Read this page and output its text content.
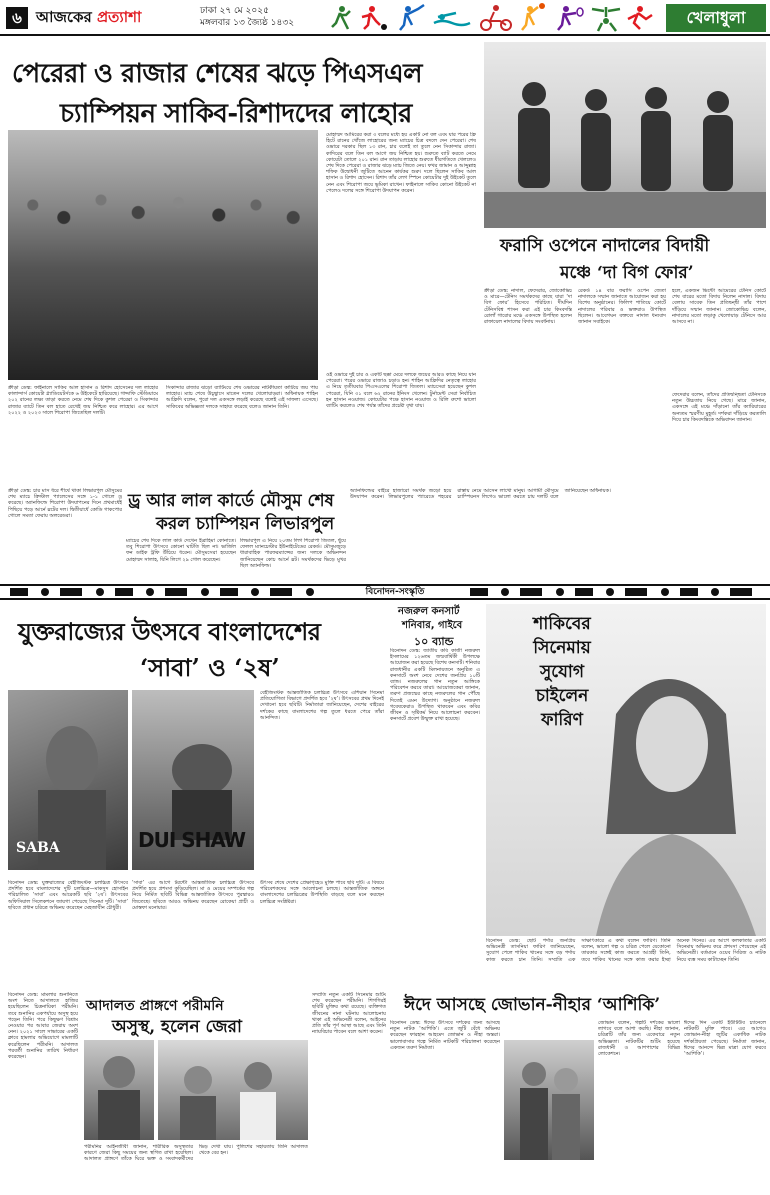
৬ আজকের প্রত্যাশা	ঢাকা ২৭ মে ২০২৫
মঙ্গলবার ১৩ জ্যৈষ্ঠ ১৪৩২	খেলাধুলা
পেরেরা ও রাজার শেষের ঝড়ে পিএসএল
চ্যাম্পিয়ন সাকিব-রিশাদদের লাহোর
মোহাম্মদ আমিরের করা ৩ বলের মধ্যে হয় একটি নো বল এবং যার পরের ফ্রি হিটে রানের খোঁজে লাহোরের জন্য ম্যাচের চিত্র বদলে দেন পেরেরা। শেষ ওভারে দরকার ছিল ১৩ রান, চার বলেই তা তুলে নেন সিকান্দার রাজা। কাদিরের বলে তিন বল আগে জয় নিশ্চিত হয়। শুরুতে ব্যাট করতে নেমে কোয়েটা তোলে ২০১ রান। রান তাড়ায় লাহোর শুরুতে ধীরগতিতে খেললেও শেষ দিকে পেরেরা ও রাজার ঝড়ে ম্যাচ জিতে নেয়। ফখর জামান ও আব্দুল্লাহ শফিক উদ্বোধনী জুটিতে আনেন কার্যকর শুরু। দলে ছিলেন সাকিব আল হাসান ও রিশাদ হোসেন। রিশাদ তাঁর লেগ স্পিনে কোয়েটার দুই উইকেট তুলে নেন এবং শিরোপা জয়ে ভূমিকা রাখেন। ফাইনালে সাকিব কোনো উইকেট না পেলেও দলের সঙ্গে শিরোপা উদযাপন করেন।
ওই ওভারে দুই চার ও একটি ছক্কা মেরে দলকে জয়ের আরও কাছে নিয়ে যান পেরেরা। পরের ওভারে রাজাও চড়াও হন। শাহিন আফ্রিদির নেতৃত্বে লাহোর এ নিয়ে তৃতীয়বার পিএসএলের শিরোপা জিতল। ম্যাচসেরা হয়েছেন কুশল পেরেরা, যিনি ৩১ বলে ৬২ রানের ইনিংস খেলেন। টুর্নামেন্ট সেরা নির্বাচিত হন হাসান নওয়াজ। কোয়েটার পক্ষে হাসান নওয়াজ ও রিলি রুশো ভালো ব্যাটিং করলেও শেষ পর্যন্ত তাঁদের প্রচেষ্টা বৃথা যায়।
ক্রীড়া ডেস্ক: ফাইনালে সাকিব আল হাসান ও রিশাদ হোসেনের দল লাহোর কালান্দার্স কোয়েটা গ্ল্যাডিয়েটর্সকে ৬ উইকেটে হারিয়েছে। গাদ্দাফি স্টেডিয়ামে ২০২ রানের লক্ষ্য তাড়া করতে নেমে শেষ দিকে কুশল পেরেরা ও সিকান্দার রাজার ব্যাটে তিন বল হাতে রেখেই জয় নিশ্চিত করে লাহোর। এর আগে ২০২২ ও ২০২৩ সালে শিরোপা জিতেছিল দলটি।
সিকান্দার রাজার ঝড়ো ব্যাটিংয়ে শেষ ওভারের নাটকীয়তা কাটিয়ে জয় পায় লাহোর। ম্যাচ শেষে উচ্ছ্বাসে মাতেন দলের খেলোয়াড়রা। অধিনায়ক শাহিন আফ্রিদি বলেন, পুরো দল একসঙ্গে লড়াই করেছে বলেই এই সাফল্য এসেছে। সাকিবের অভিজ্ঞতা দলকে সাহায্য করেছে বলেও জানান তিনি।
ফরাসি ওপেনে নাদালের বিদায়ী
মঞ্চে ‘দা বিগ ফোর’
ক্রীড়া ডেস্ক: নাদাল, ফেদেরার, জোকোভিচ ও মারে—টেনিস সমর্থকদের কাছে যারা ‘দা বিগ ফোর’ হিসেবে পরিচিত। দীর্ঘদিন টেনিসবিশ্ব শাসন করা এই চার কিংবদন্তি রোলাঁ গারোর মঞ্চে একসঙ্গে উপস্থিত হলেন রাফায়েল নাদালের বিদায় সংবর্ধনায়।
রেকর্ড ১৪ বার ফরাসি ওপেন জেতা নাদালকে সম্মান জানাতে আয়োজন করা হয় বিশেষ অনুষ্ঠানের। ফিলিপ শাতিয়ে কোর্টে নাদালের পরিবার ও ভক্তরাও উপস্থিত ছিলেন। আবেগঘন বক্তব্যে নাদাল ধন্যবাদ জানান সবাইকে।
হলে, একজন ভিন্টো আমেরের টেনিস কোর্টে শেষ বারের মতো বিদায় নিলেন নাদাল। বিদায় বেলায় সাবেক তিন প্রতিদ্বন্দ্বী তাঁর পাশে দাঁড়িয়ে সম্মান জানান। জোকোভিচ বলেন, নাদালের মতো লড়াকু খেলোয়াড় টেনিসে আর আসবে না।
ফেদেরার বলেন, তাঁদের প্রতিদ্বন্দ্বিতা টেনিসকে নতুন উচ্চতায় নিয়ে গেছে। মারে জানান, একসঙ্গে এই মঞ্চে দাঁড়ানো তাঁর ক্যারিয়ারের অন্যতম স্মরণীয় মুহূর্ত। দর্শকরা দাঁড়িয়ে করতালি দিয়ে চার কিংবদন্তিকে অভিবাদন জানান।
ড্র আর লাল কার্ডে মৌসুম শেষ
করল চ্যাম্পিয়ন লিভারপুল
ক্রীড়া ডেস্ক: চার মাস ধরে শীর্ষে থাকা লিভারপুল মৌসুমের শেষ ম্যাচে ক্রিস্টাল প্যালেসের সঙ্গে ১-১ গোলে ড্র করেছে। অ্যানফিল্ডে শিরোপা উদযাপনের দিনে প্রথমার্ধেই পিছিয়ে পড়ে আর্নে স্লটের দল। দ্বিতীয়ার্ধে কোডি গাকপোর গোলে সমতা ফেরায় অলরেডরা।
ম্যাচের শেষ দিকে লাল কার্ড দেখেন ইব্রাহিমা কোনাতে। তবু শিরোপা উৎসবে কোনো ঘাটতি ছিল না। ভার্জিল ফন ডাইক ট্রফি উঁচিয়ে ধরেন। মৌসুমসেরা হয়েছেন মোহাম্মদ সালাহ, যিনি লিগে ২৯ গোল করেছেন।
লিভারপুল এ নিয়ে ২০তম লিগ শিরোপা জিতল, ছুঁয়ে ফেলল ম্যানচেস্টার ইউনাইটেডের রেকর্ড। মৌসুমজুড়ে ধারাবাহিক পারফরম্যান্সের জন্য দলকে অভিনন্দন জানিয়েছেন কোচ আর্নে স্লট। সমর্থকদের ভিড়ে মুখর ছিল অ্যানফিল্ড।
অ্যানফিল্ডের বাইরে হাজারো সমর্থক জড়ো হয়ে উদযাপন করেন। লিভারপুলের প্যারেডে শহরের রাস্তায় নেমে আসেন লাখো মানুষ। আগামী মৌসুমে চ্যাম্পিয়নস লিগেও ভালো করতে চায় দলটি বলে জানিয়েছেন অধিনায়ক।
বিনোদন-সংস্কৃতি
যুক্তরাজ্যের উৎসবে বাংলাদেশের
‘সাবা’ ও ‘২ষ’
SABA	DUI SHAW
বেইজিংস্টক আন্তর্জাতিক চলচ্চিত্র উৎসবে এশিয়ান সিনেমা প্রতিযোগিতা বিভাগে প্রদর্শিত হবে ‘২ষ’। উৎসবের প্রথম দিনেই দেখানো হবে ছবিটি। নির্মাতারা জানিয়েছেন, দেশের বাইরের দর্শকের কাছে বাংলাদেশের গল্প তুলে ধরতে পেরে তাঁরা আনন্দিত।
বিনোদন ডেস্ক: যুক্তরাজ্যের বেইজিংস্টক চলচ্চিত্র উৎসবে প্রদর্শিত হবে বাংলাদেশের দুটি চলচ্চিত্র—মাকসুদ হোসাইন পরিচালিত ‘সাবা’ এবং আরেকটি ছবি ‘২ষ’। উৎসবের অফিসিয়াল সিলেকশনে জায়গা পেয়েছে সিনেমা দুটি। ‘সাবা’ ছবিতে প্রধান চরিত্রে অভিনয় করেছেন মেহজাবীন চৌধুরী।
‘সাবা’ এর আগে টরন্টো আন্তর্জাতিক চলচ্চিত্র উৎসবে প্রদর্শিত হয়ে প্রশংসা কুড়িয়েছিল। মা ও মেয়ের সম্পর্কের গল্প নিয়ে নির্মিত ছবিটি বিভিন্ন আন্তর্জাতিক উৎসবে পুরস্কারও জিতেছে। ছবিতে আরও অভিনয় করেছেন রোকেয়া প্রাচী ও মোস্তফা মনোয়ার।
উৎসব শেষে দেশের প্রেক্ষাগৃহেও মুক্তি পাবে ছবি দুটি। এ বিষয়ে পরিবেশকদের সঙ্গে আলোচনা চলছে। আন্তর্জাতিক অঙ্গনে বাংলাদেশের চলচ্চিত্রের উপস্থিতি বাড়ছে বলে মনে করছেন চলচ্চিত্র সংশ্লিষ্টরা।
নজরুল কনসার্ট
শনিবার, গাইবে
১০ ব্যান্ড
বিনোদন ডেস্ক: জাতীয় কবি কাজী নজরুল ইসলামের ১২৬তম জন্মবার্ষিকী উপলক্ষে আয়োজন করা হয়েছে বিশেষ কনসার্ট। শনিবার রাজধানীর একটি মিলনায়তনে অনুষ্ঠিত এ কনসার্টে অংশ নেবে দেশের জনপ্রিয় ১০টি ব্যান্ড। নজরুলের গান নতুন আঙ্গিকে পরিবেশন করবে তারা। আয়োজকেরা জানান, তরুণ প্রজন্মের কাছে নজরুলের গান পৌঁছে দিতেই এমন উদ্যোগ। অনুষ্ঠানে নজরুল গবেষকেরাও উপস্থিত থাকবেন এবং কবির জীবন ও সৃষ্টিকর্ম নিয়ে আলোচনা করবেন। কনসার্টে প্রবেশ উন্মুক্ত রাখা হয়েছে।
শাকিবের
সিনেমায়
সুযোগ
চাইলেন
ফারিণ
বিনোদন ডেস্ক: ছোট পর্দার জনপ্রিয় অভিনেত্রী তাসনিয়া ফারিণ জানিয়েছেন, সুযোগ পেলে শাকিব খানের সঙ্গে বড় পর্দায় কাজ করতে চান তিনি। সম্প্রতি এক সাক্ষাৎকারে এ কথা বলেন ফারিণ। তিনি বলেন, ভালো গল্প ও চরিত্র পেলে যেকোনো তারকার সঙ্গেই কাজ করতে আগ্রহী তিনি, তবে শাকিব খানের সঙ্গে কাজ করার ইচ্ছা অনেক দিনের। এর আগে কলকাতার একটি সিনেমায় অভিনয় করে প্রশংসা পেয়েছেন এই অভিনেত্রী। বর্তমানে ওয়েব সিরিজ ও নাটক নিয়ে ব্যস্ত সময় কাটাচ্ছেন তিনি।
আদালত প্রাঙ্গণে পরীমনি
অসুস্থ, হলেন জেরা
বিনোদন ডেস্ক: মামলার শুনানিতে অংশ নিতে আদালতে হাজির হয়েছিলেন চিত্রনায়িকা পরীমনি। তবে শুনানির একপর্যায়ে অসুস্থ হয়ে পড়েন তিনি। পরে কিছুক্ষণ বিশ্রাম নেওয়ার পর আবার জেরায় অংশ নেন। ২০২১ সালে সাভারের একটি ক্লাবে হামলার অভিযোগে মামলাটি করেছিলেন পরীমনি। আদালত পরবর্তী শুনানির তারিখ নির্ধারণ করেছেন।
পরীমনির আইনজীবী জানান, শারীরিক অসুস্থতার কারণে জেরা কিছু সময়ের জন্য স্থগিত রাখা হয়েছিল। আদালত প্রাঙ্গণে তাঁকে ঘিরে ভক্ত ও সংবাদকর্মীদের ভিড় দেখা যায়। পুলিশের সহায়তায় তিনি আদালত থেকে বের হন।
সম্প্রতি নতুন একটি সিনেমার শুটিং শেষ করেছেন পরীমনি। শিগগিরই ছবিটি মুক্তির কথা রয়েছে। ব্যক্তিগত জীবনের নানা ঘটনায় আলোচনায় থাকা এই অভিনেত্রী বলেন, আইনের প্রতি তাঁর পূর্ণ আস্থা আছে এবং তিনি ন্যায়বিচার পাবেন বলে আশা করেন।
ঈদে আসছে জোভান-নীহার ‘আশিকি’
বিনোদন ডেস্ক: ঈদের উৎসবে দর্শকের জন্য আসছে নতুন নাটক ‘আশিকি’। এতে জুটি বেঁধে অভিনয় করেছেন ফারহান আহমেদ জোভান ও নীহা অন্তরা। ভালোবাসার গল্পে নির্মিত নাটকটি পরিচালনা করেছেন একজন তরুণ নির্মাতা।
জোভান বলেন, গল্পটি দর্শকের ভালো লাগবে বলে আশা করছি। নীহা জানান, চরিত্রটি তাঁর জন্য একেবারে নতুন অভিজ্ঞতা। নাটকটির শুটিং হয়েছে রাজধানী ও আশপাশের বিভিন্ন লোকেশনে।
ঈদের দিন একটি ইউটিউব চ্যানেলে নাটকটি মুক্তি পাবে। এর আগেও জোভান-নীহা জুটির একাধিক নাটক দর্শকপ্রিয়তা পেয়েছে। নির্মাতা জানান, ঈদের আনন্দে ভিন্ন মাত্রা যোগ করবে ‘আশিকি’।
